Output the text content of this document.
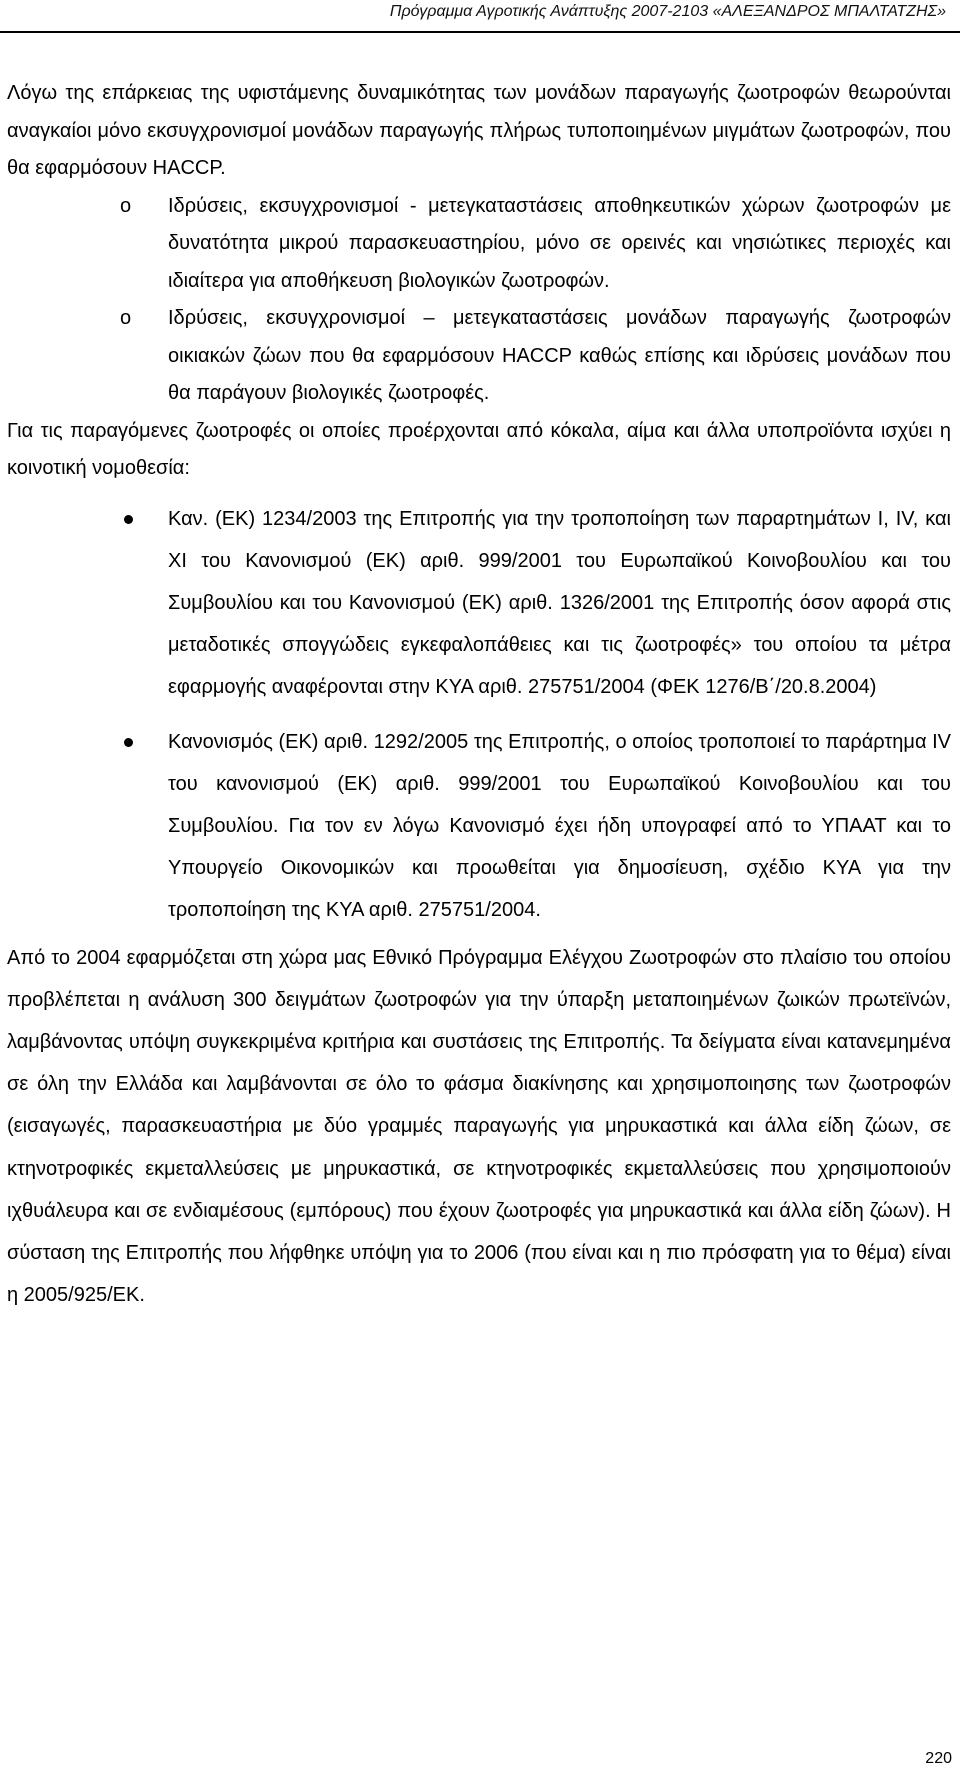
Πρόγραμμα Αγροτικής Ανάπτυξης 2007-2103 «ΑΛΕΞΑΝΔΡΟΣ ΜΠΑΛΤΑΤΖΗΣ»

Λόγω της επάρκειας της υφιστάμενης δυναμικότητας των μονάδων παραγωγής ζωοτροφών θεωρούνται αναγκαίοι μόνο εκσυγχρονισμοί μονάδων παραγωγής πλήρως τυποποιημένων μιγμάτων ζωοτροφών, που θα εφαρμόσουν HACCP.

o Ιδρύσεις, εκσυγχρονισμοί - μετεγκαταστάσεις αποθηκευτικών χώρων ζωοτροφών με δυνατότητα μικρού παρασκευαστηρίου, μόνο σε ορεινές και νησιώτικες περιοχές και ιδιαίτερα για αποθήκευση βιολογικών ζωοτροφών.
o Ιδρύσεις, εκσυγχρονισμοί – μετεγκαταστάσεις μονάδων παραγωγής ζωοτροφών οικιακών ζώων που θα εφαρμόσουν HACCP καθώς επίσης και ιδρύσεις μονάδων που θα παράγουν βιολογικές ζωοτροφές.

Για τις παραγόμενες ζωοτροφές οι οποίες προέρχονται από κόκαλα, αίμα και άλλα υποπροϊόντα ισχύει η κοινοτική νομοθεσία:

Καν. (ΕΚ) 1234/2003 της Επιτροπής για την τροποποίηση των παραρτημάτων I, IV, και XI του Κανονισμού (ΕΚ) αριθ. 999/2001 του Ευρωπαϊκού Κοινοβουλίου και του Συμβουλίου και του Κανονισμού (ΕΚ) αριθ. 1326/2001 της Επιτροπής όσον αφορά στις μεταδοτικές σπογγώδεις εγκεφαλοπάθειες και τις ζωοτροφές» του οποίου τα μέτρα εφαρμογής αναφέρονται στην ΚΥΑ αριθ. 275751/2004 (ΦΕΚ 1276/Β΄/20.8.2004)
Κανονισμός (ΕΚ) αριθ. 1292/2005 της Επιτροπής, ο οποίος τροποποιεί το παράρτημα IV του κανονισμού (ΕΚ) αριθ. 999/2001 του Ευρωπαϊκού Κοινοβουλίου και του Συμβουλίου. Για τον εν λόγω Κανονισμό έχει ήδη υπογραφεί από το ΥΠΑΑΤ και το Υπουργείο Οικονομικών και προωθείται για δημοσίευση, σχέδιο ΚΥΑ για την τροποποίηση της ΚΥΑ αριθ. 275751/2004.

Από το 2004 εφαρμόζεται στη χώρα μας Εθνικό Πρόγραμμα Ελέγχου Ζωοτροφών στο πλαίσιο του οποίου προβλέπεται η ανάλυση 300 δειγμάτων ζωοτροφών για την ύπαρξη μεταποιημένων ζωικών πρωτεϊνών, λαμβάνοντας υπόψη συγκεκριμένα κριτήρια και συστάσεις της Επιτροπής. Τα δείγματα είναι κατανεμημένα σε όλη την Ελλάδα και λαμβάνονται σε όλο το φάσμα διακίνησης και χρησιμοποιησης των ζωοτροφών (εισαγωγές, παρασκευαστήρια με δύο γραμμές παραγωγής για μηρυκαστικά και άλλα είδη ζώων, σε κτηνοτροφικές εκμεταλλεύσεις με μηρυκαστικά, σε κτηνοτροφικές εκμεταλλεύσεις που χρησιμοποιούν ιχθυάλευρα και σε ενδιαμέσους (εμπόρους) που έχουν ζωοτροφές για μηρυκαστικά και άλλα είδη ζώων). Η σύσταση της Επιτροπής που λήφθηκε υπόψη για το 2006 (που είναι και η πιο πρόσφατη για το θέμα) είναι η 2005/925/ΕΚ.

220
